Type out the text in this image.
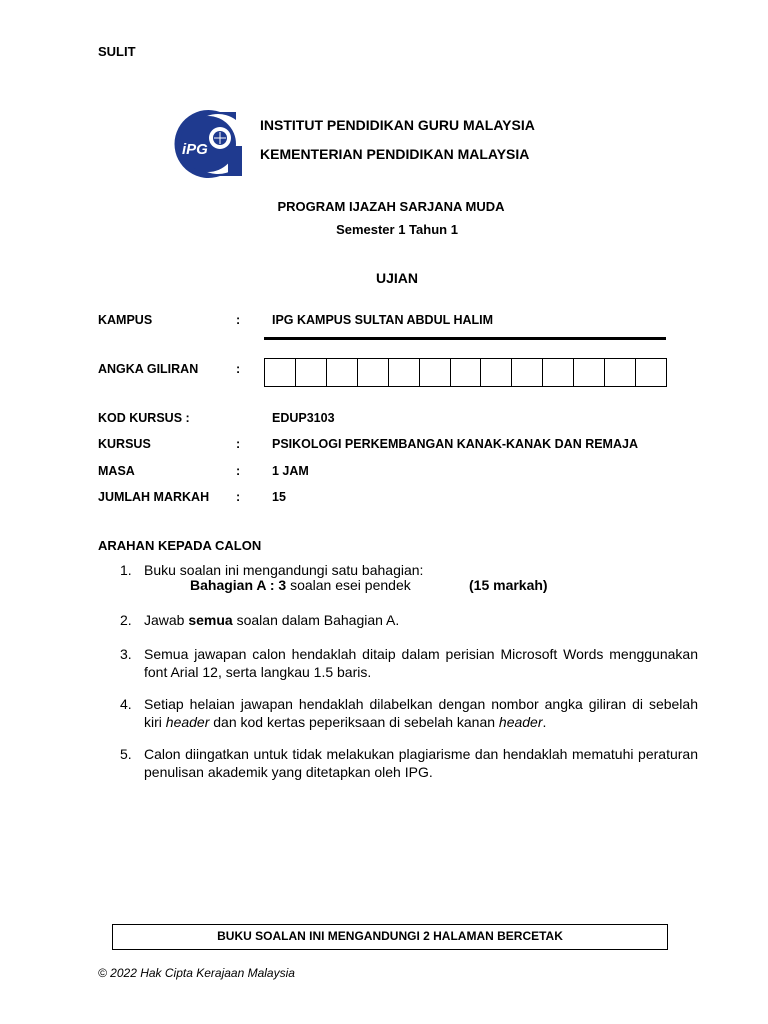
SULIT
iPG
INSTITUT PENDIDIKAN GURU MALAYSIA
KEMENTERIAN PENDIDIKAN MALAYSIA
PROGRAM IJAZAH SARJANA MUDA
Semester 1 Tahun 1
UJIAN
KAMPUS	:	IPG KAMPUS SULTAN ABDUL HALIM
ANGKA GILIRAN	:
KOD KURSUS :	EDUP3103
KURSUS	:	PSIKOLOGI PERKEMBANGAN KANAK-KANAK DAN REMAJA
MASA	:	1 JAM
JUMLAH MARKAH :	15
ARAHAN KEPADA CALON
1. Buku soalan ini mengandungi satu bahagian:
Bahagian A : 3 soalan esei pendek	(15 markah)
2. Jawab semua soalan dalam Bahagian A.
3. Semua jawapan calon hendaklah ditaip dalam perisian Microsoft Words menggunakan font Arial 12, serta langkau 1.5 baris.
4. Setiap helaian jawapan hendaklah dilabelkan dengan nombor angka giliran di sebelah kiri header dan kod kertas peperiksaan di sebelah kanan header.
5. Calon diingatkan untuk tidak melakukan plagiarisme dan hendaklah mematuhi peraturan penulisan akademik yang ditetapkan oleh IPG.
BUKU SOALAN INI MENGANDUNGI 2 HALAMAN BERCETAK
© 2022 Hak Cipta Kerajaan Malaysia
